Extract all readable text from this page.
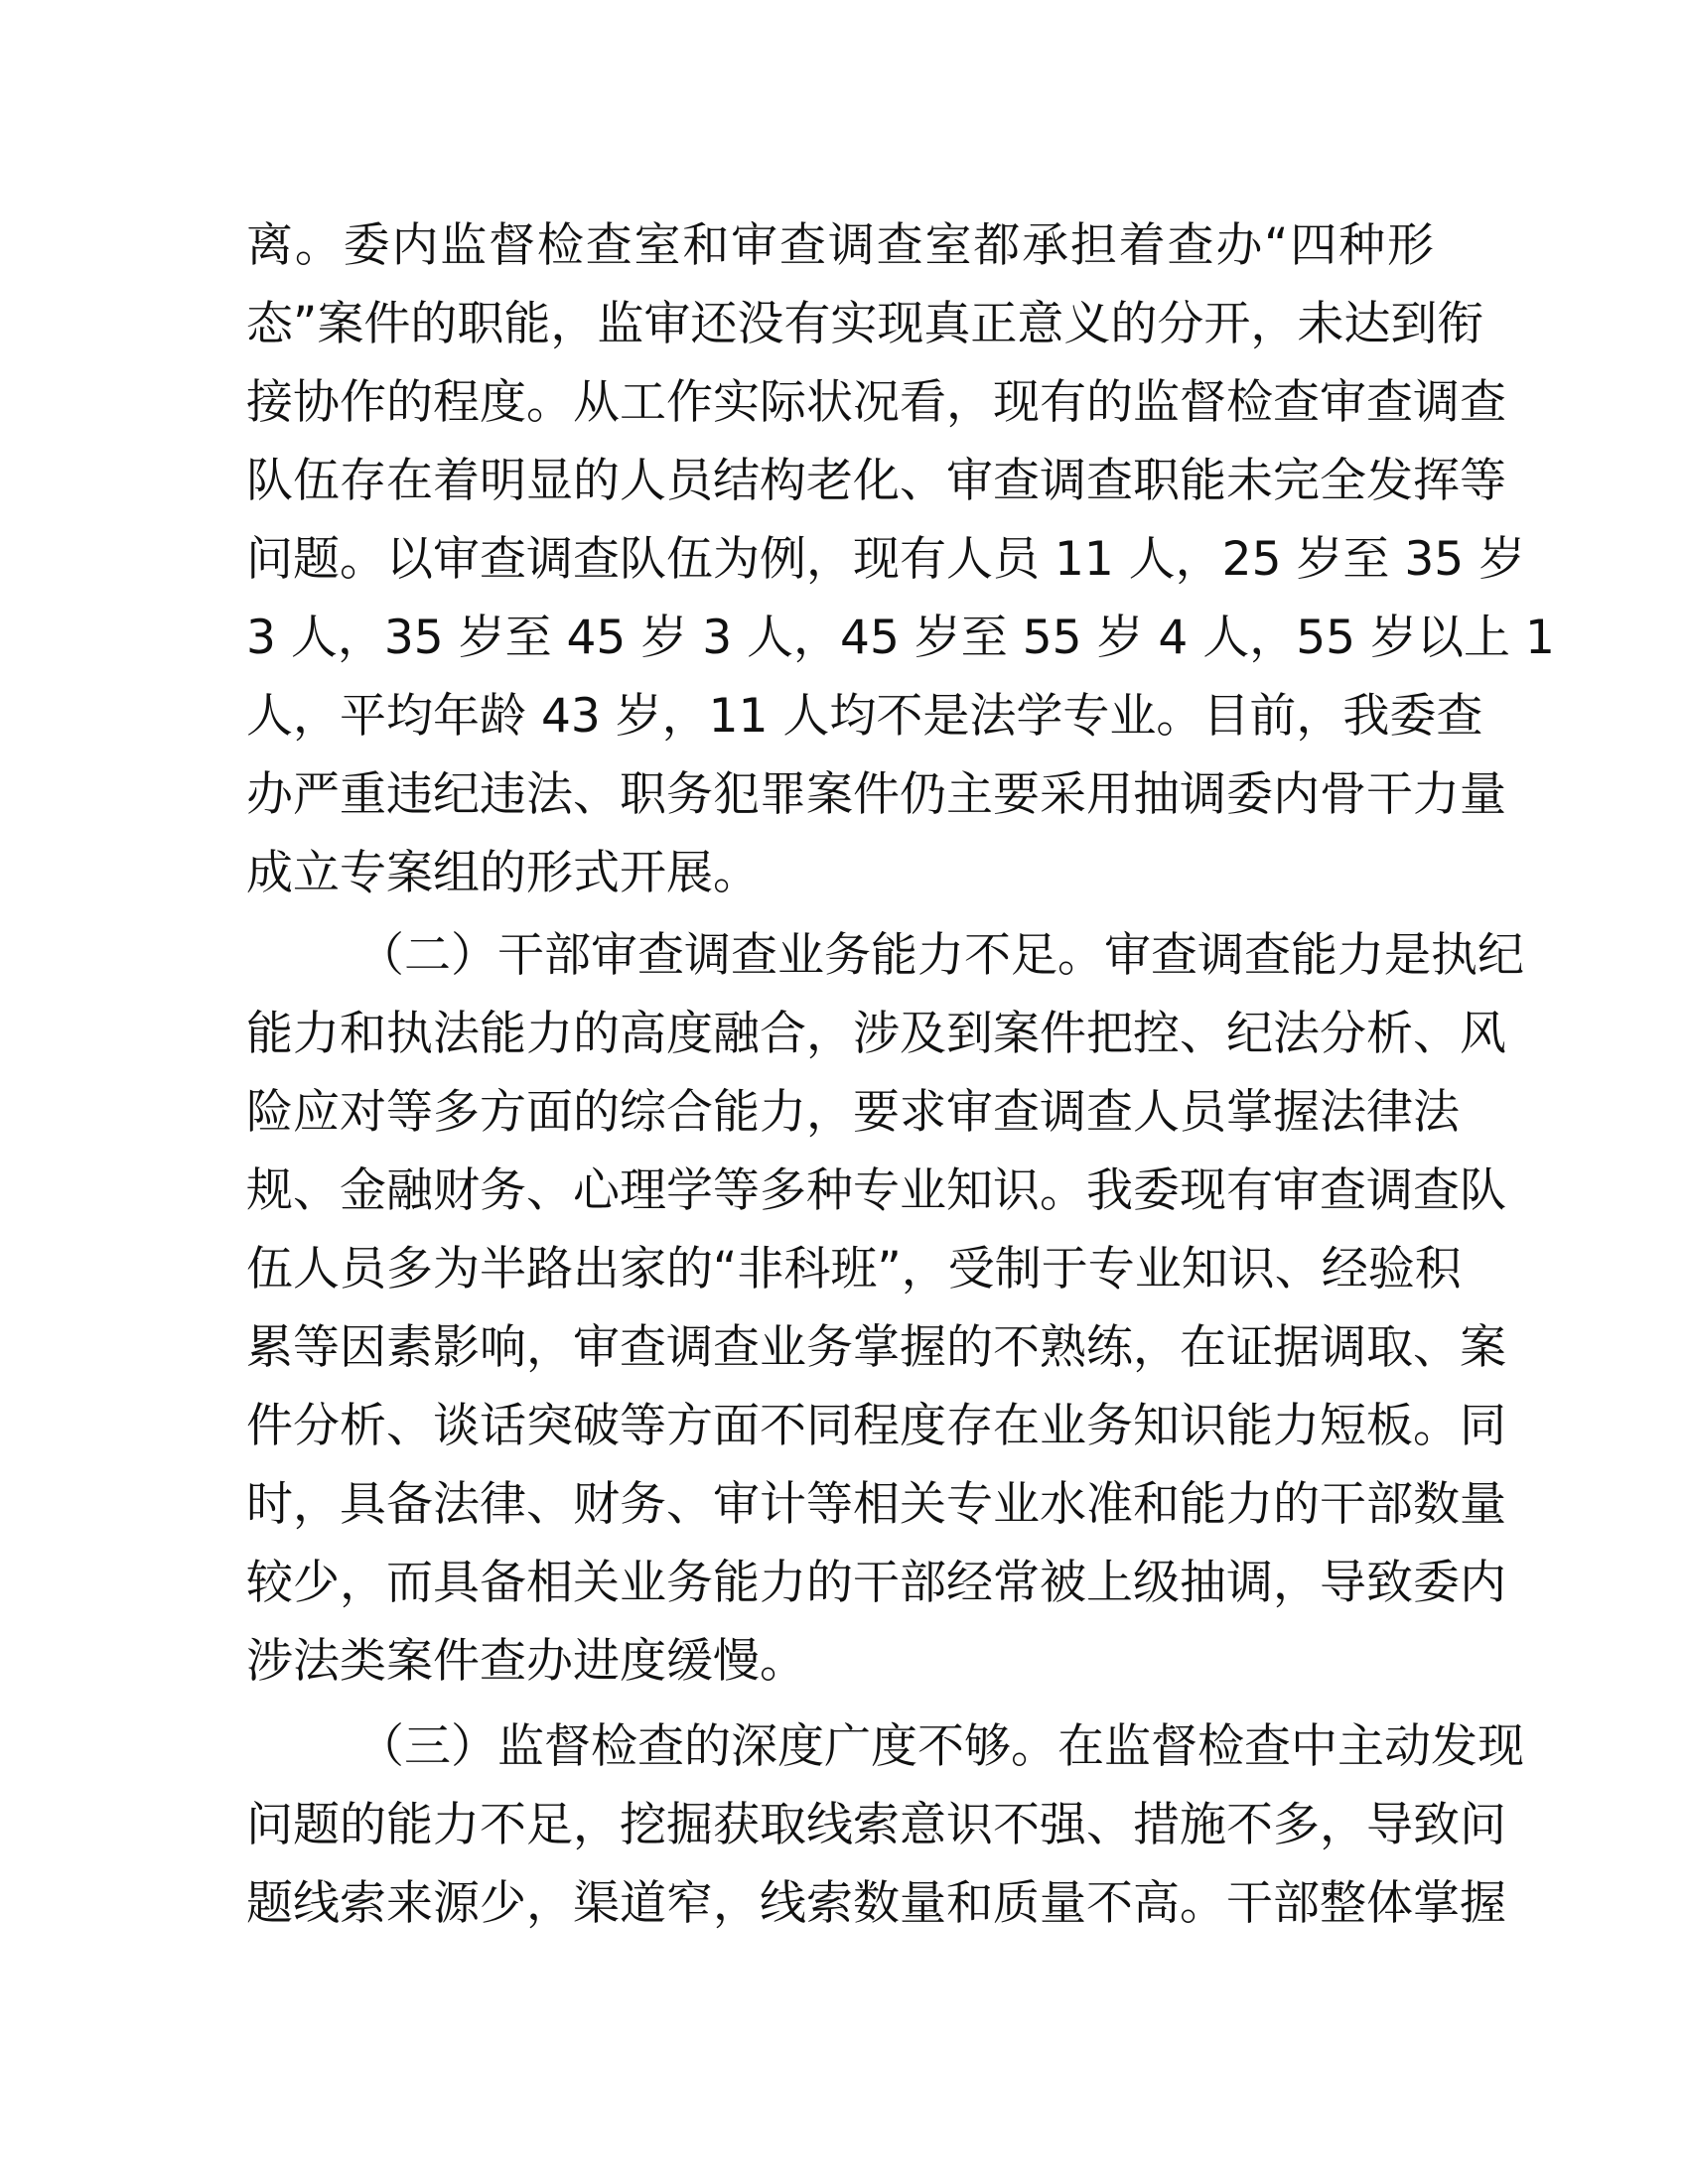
离。委内监督检查室和审查调查室都承担着查办“四种形
态”案件的职能，监审还没有实现真正意义的分开，未达到衔
接协作的程度。从工作实际状况看，现有的监督检查审查调查
队伍存在着明显的人员结构老化、审查调查职能未完全发挥等
问题。以审查调查队伍为例，现有人员 11 人，25 岁至 35 岁
3 人，35 岁至 45 岁 3 人，45 岁至 55 岁 4 人，55 岁以上 1
人，平均年龄 43 岁，11 人均不是法学专业。目前，我委查
办严重违纪违法、职务犯罪案件仍主要采用抽调委内骨干力量
成立专案组的形式开展。
（二）干部审查调查业务能力不足。审查调查能力是执纪
能力和执法能力的高度融合，涉及到案件把控、纪法分析、风
险应对等多方面的综合能力，要求审查调查人员掌握法律法
规、金融财务、心理学等多种专业知识。我委现有审查调查队
伍人员多为半路出家的“非科班”，受制于专业知识、经验积
累等因素影响，审查调查业务掌握的不熟练，在证据调取、案
件分析、谈话突破等方面不同程度存在业务知识能力短板。同
时，具备法律、财务、审计等相关专业水准和能力的干部数量
较少，而具备相关业务能力的干部经常被上级抽调，导致委内
涉法类案件查办进度缓慢。
（三）监督检查的深度广度不够。在监督检查中主动发现
问题的能力不足，挖掘获取线索意识不强、措施不多，导致问
题线索来源少，渠道窄，线索数量和质量不高。干部整体掌握
